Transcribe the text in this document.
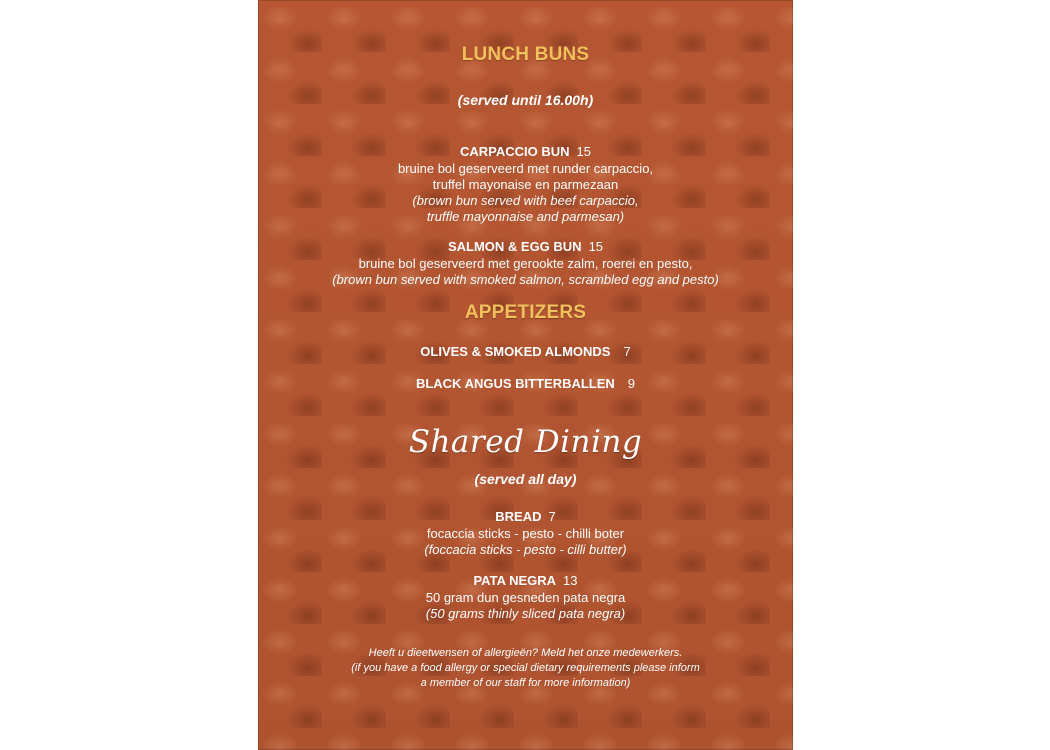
LUNCH BUNS
(served until 16.00h)
CARPACCIO BUN 15
bruine bol geserveerd met runder carpaccio,
truffel mayonaise en parmezaan
(brown bun served with beef carpaccio,
truffle mayonnaise and parmesan)
SALMON & EGG BUN 15
bruine bol geserveerd met gerookte zalm, roerei en pesto,
(brown bun served with smoked salmon, scrambled egg and pesto)
APPETIZERS
OLIVES & SMOKED ALMONDS 7
BLACK ANGUS BITTERBALLEN 9
Shared Dining
(served all day)
BREAD 7
focaccia sticks - pesto - chilli boter
(foccacia sticks - pesto - cilli butter)
PATA NEGRA 13
50 gram dun gesneden pata negra
(50 grams thinly sliced pata negra)
Heeft u dieetwensen of allergieën? Meld het onze medewerkers.
(if you have a food allergy or special dietary requirements please inform
a member of our staff for more information)
